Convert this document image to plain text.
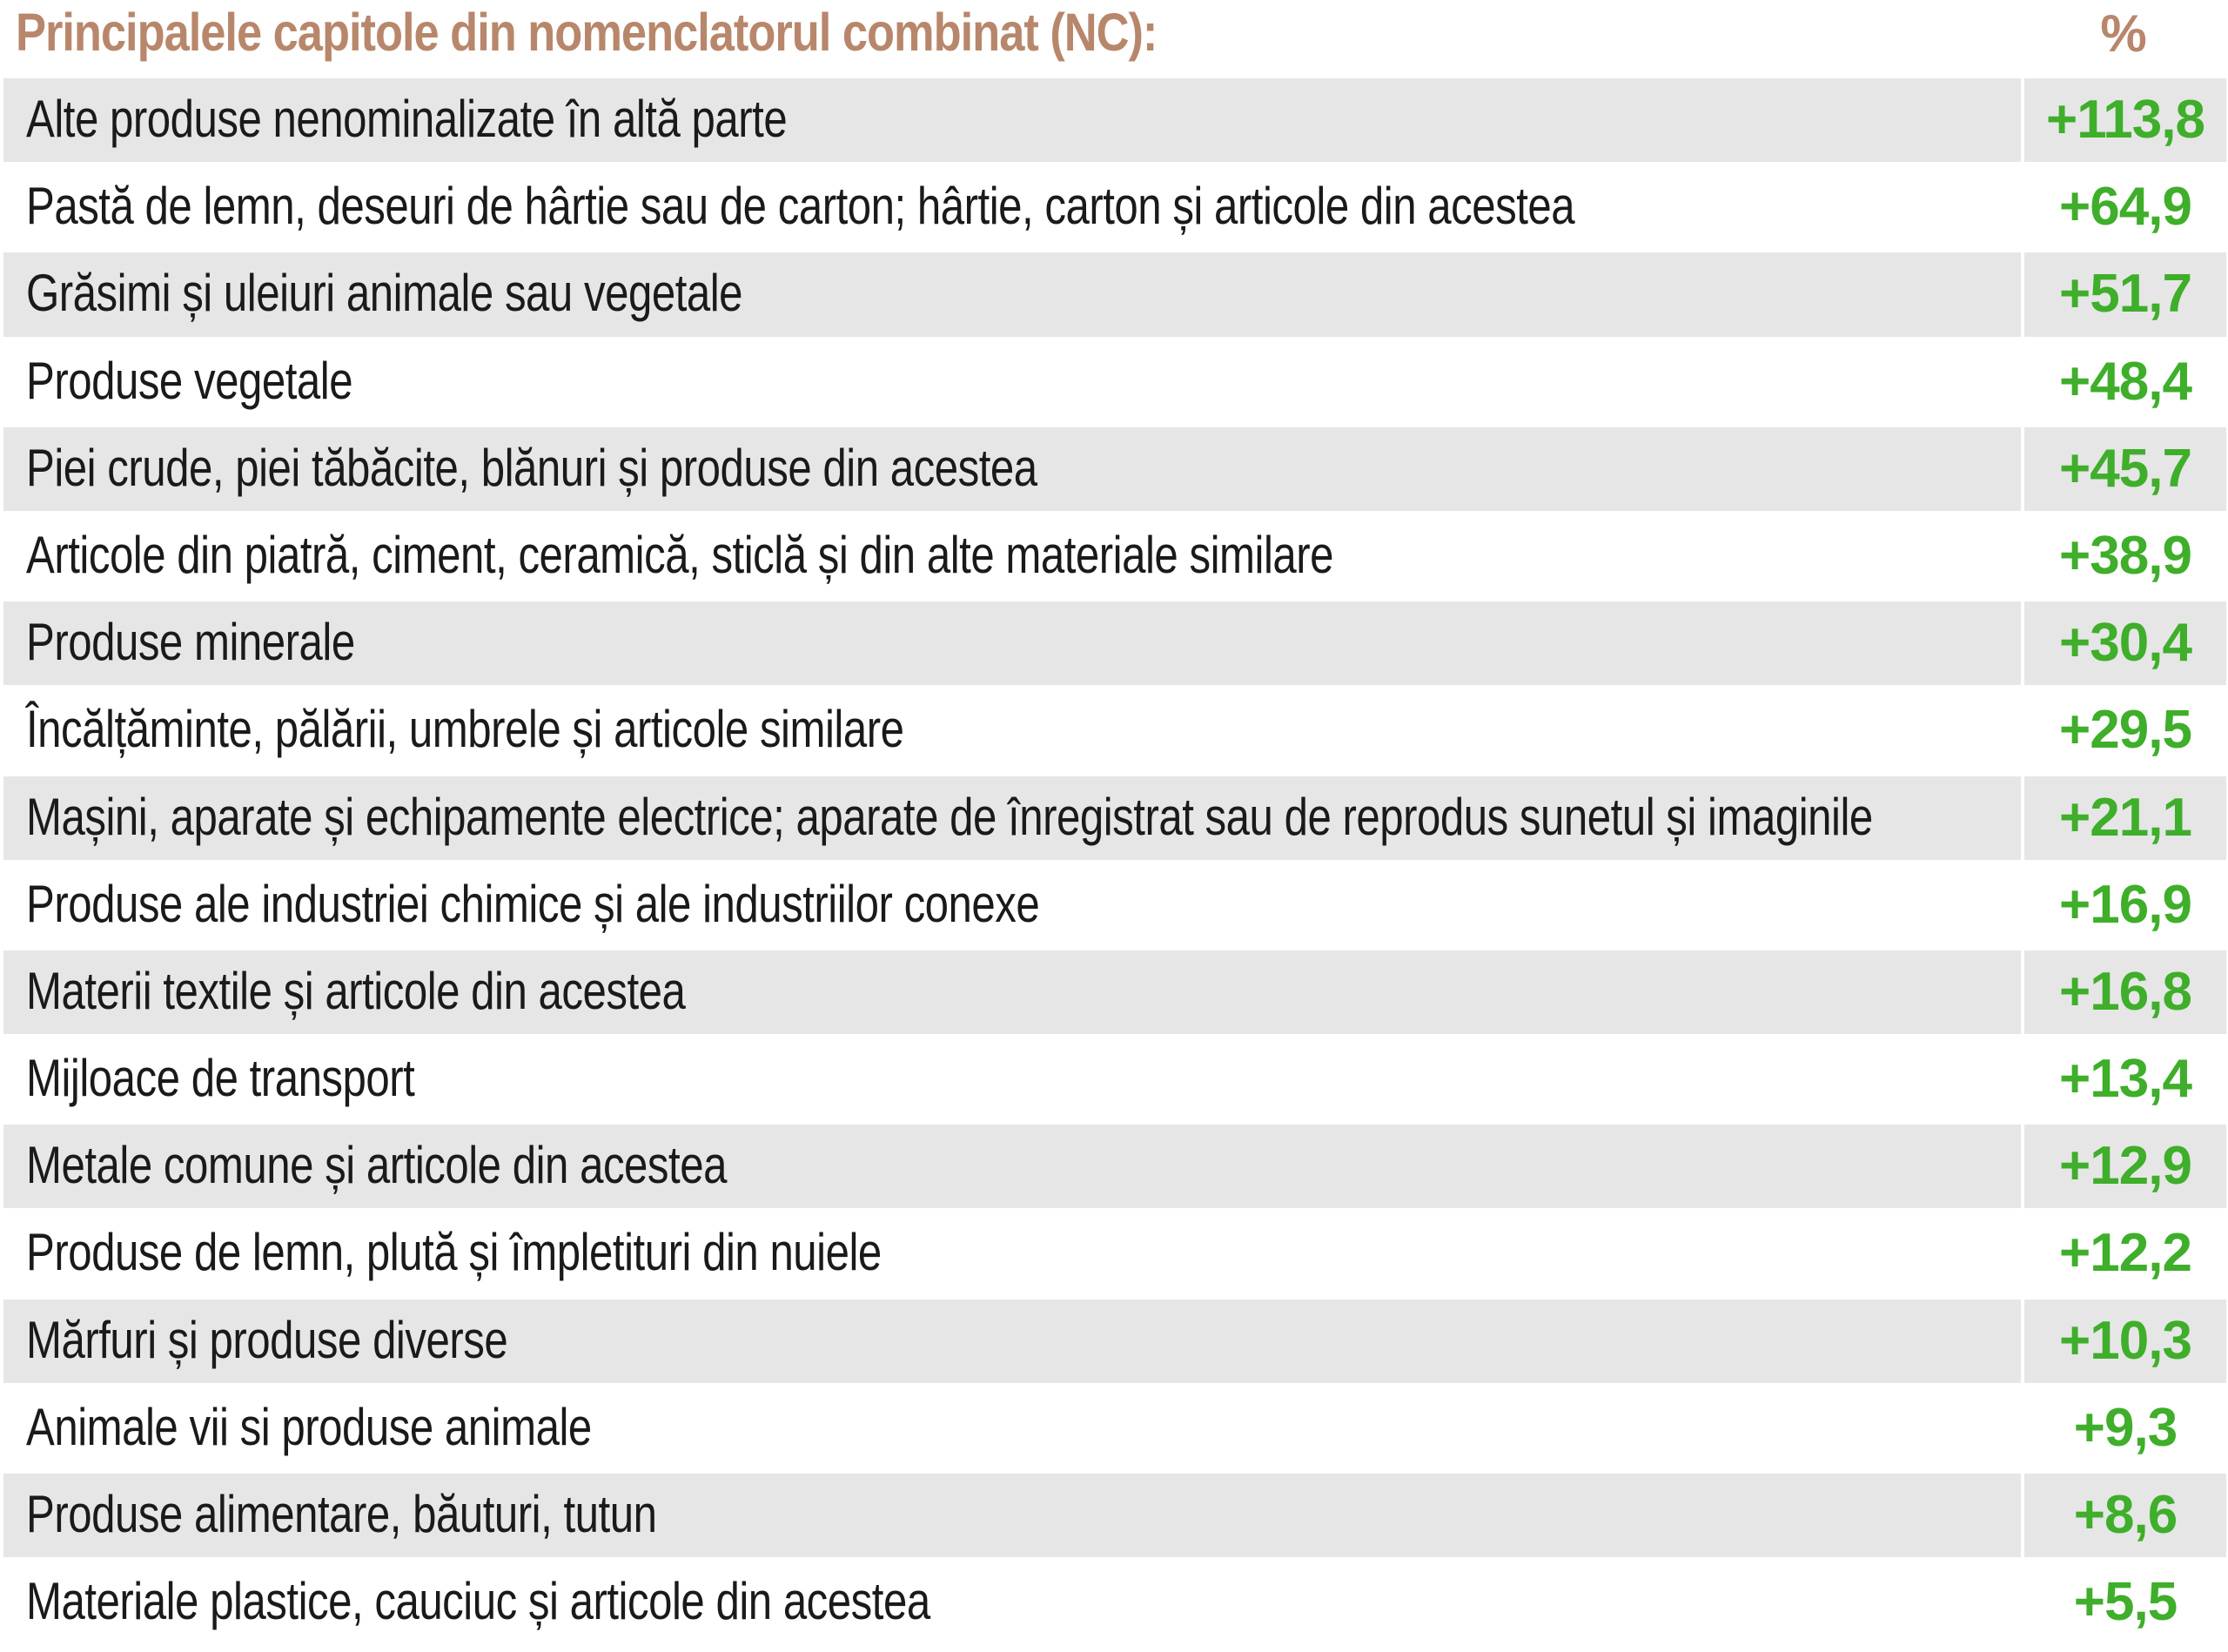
Principalele capitole din nomenclatorul combinat (NC):	%
Alte produse nenominalizate în altă parte	+113,8
Pastă de lemn, deseuri de hârtie sau de carton; hârtie, carton și articole din acestea	+64,9
Grăsimi și uleiuri animale sau vegetale	+51,7
Produse vegetale	+48,4
Piei crude, piei tăbăcite, blănuri și produse din acestea	+45,7
Articole din piatră, ciment, ceramică, sticlă și din alte materiale similare	+38,9
Produse minerale	+30,4
Încălțăminte, pălării, umbrele și articole similare	+29,5
Mașini, aparate și echipamente electrice; aparate de înregistrat sau de reprodus sunetul și imaginile	+21,1
Produse ale industriei chimice și ale industriilor conexe	+16,9
Materii textile și articole din acestea	+16,8
Mijloace de transport	+13,4
Metale comune și articole din acestea	+12,9
Produse de lemn, plută și împletituri din nuiele	+12,2
Mărfuri și produse diverse	+10,3
Animale vii si produse animale	+9,3
Produse alimentare, băuturi, tutun	+8,6
Materiale plastice, cauciuc și articole din acestea	+5,5
